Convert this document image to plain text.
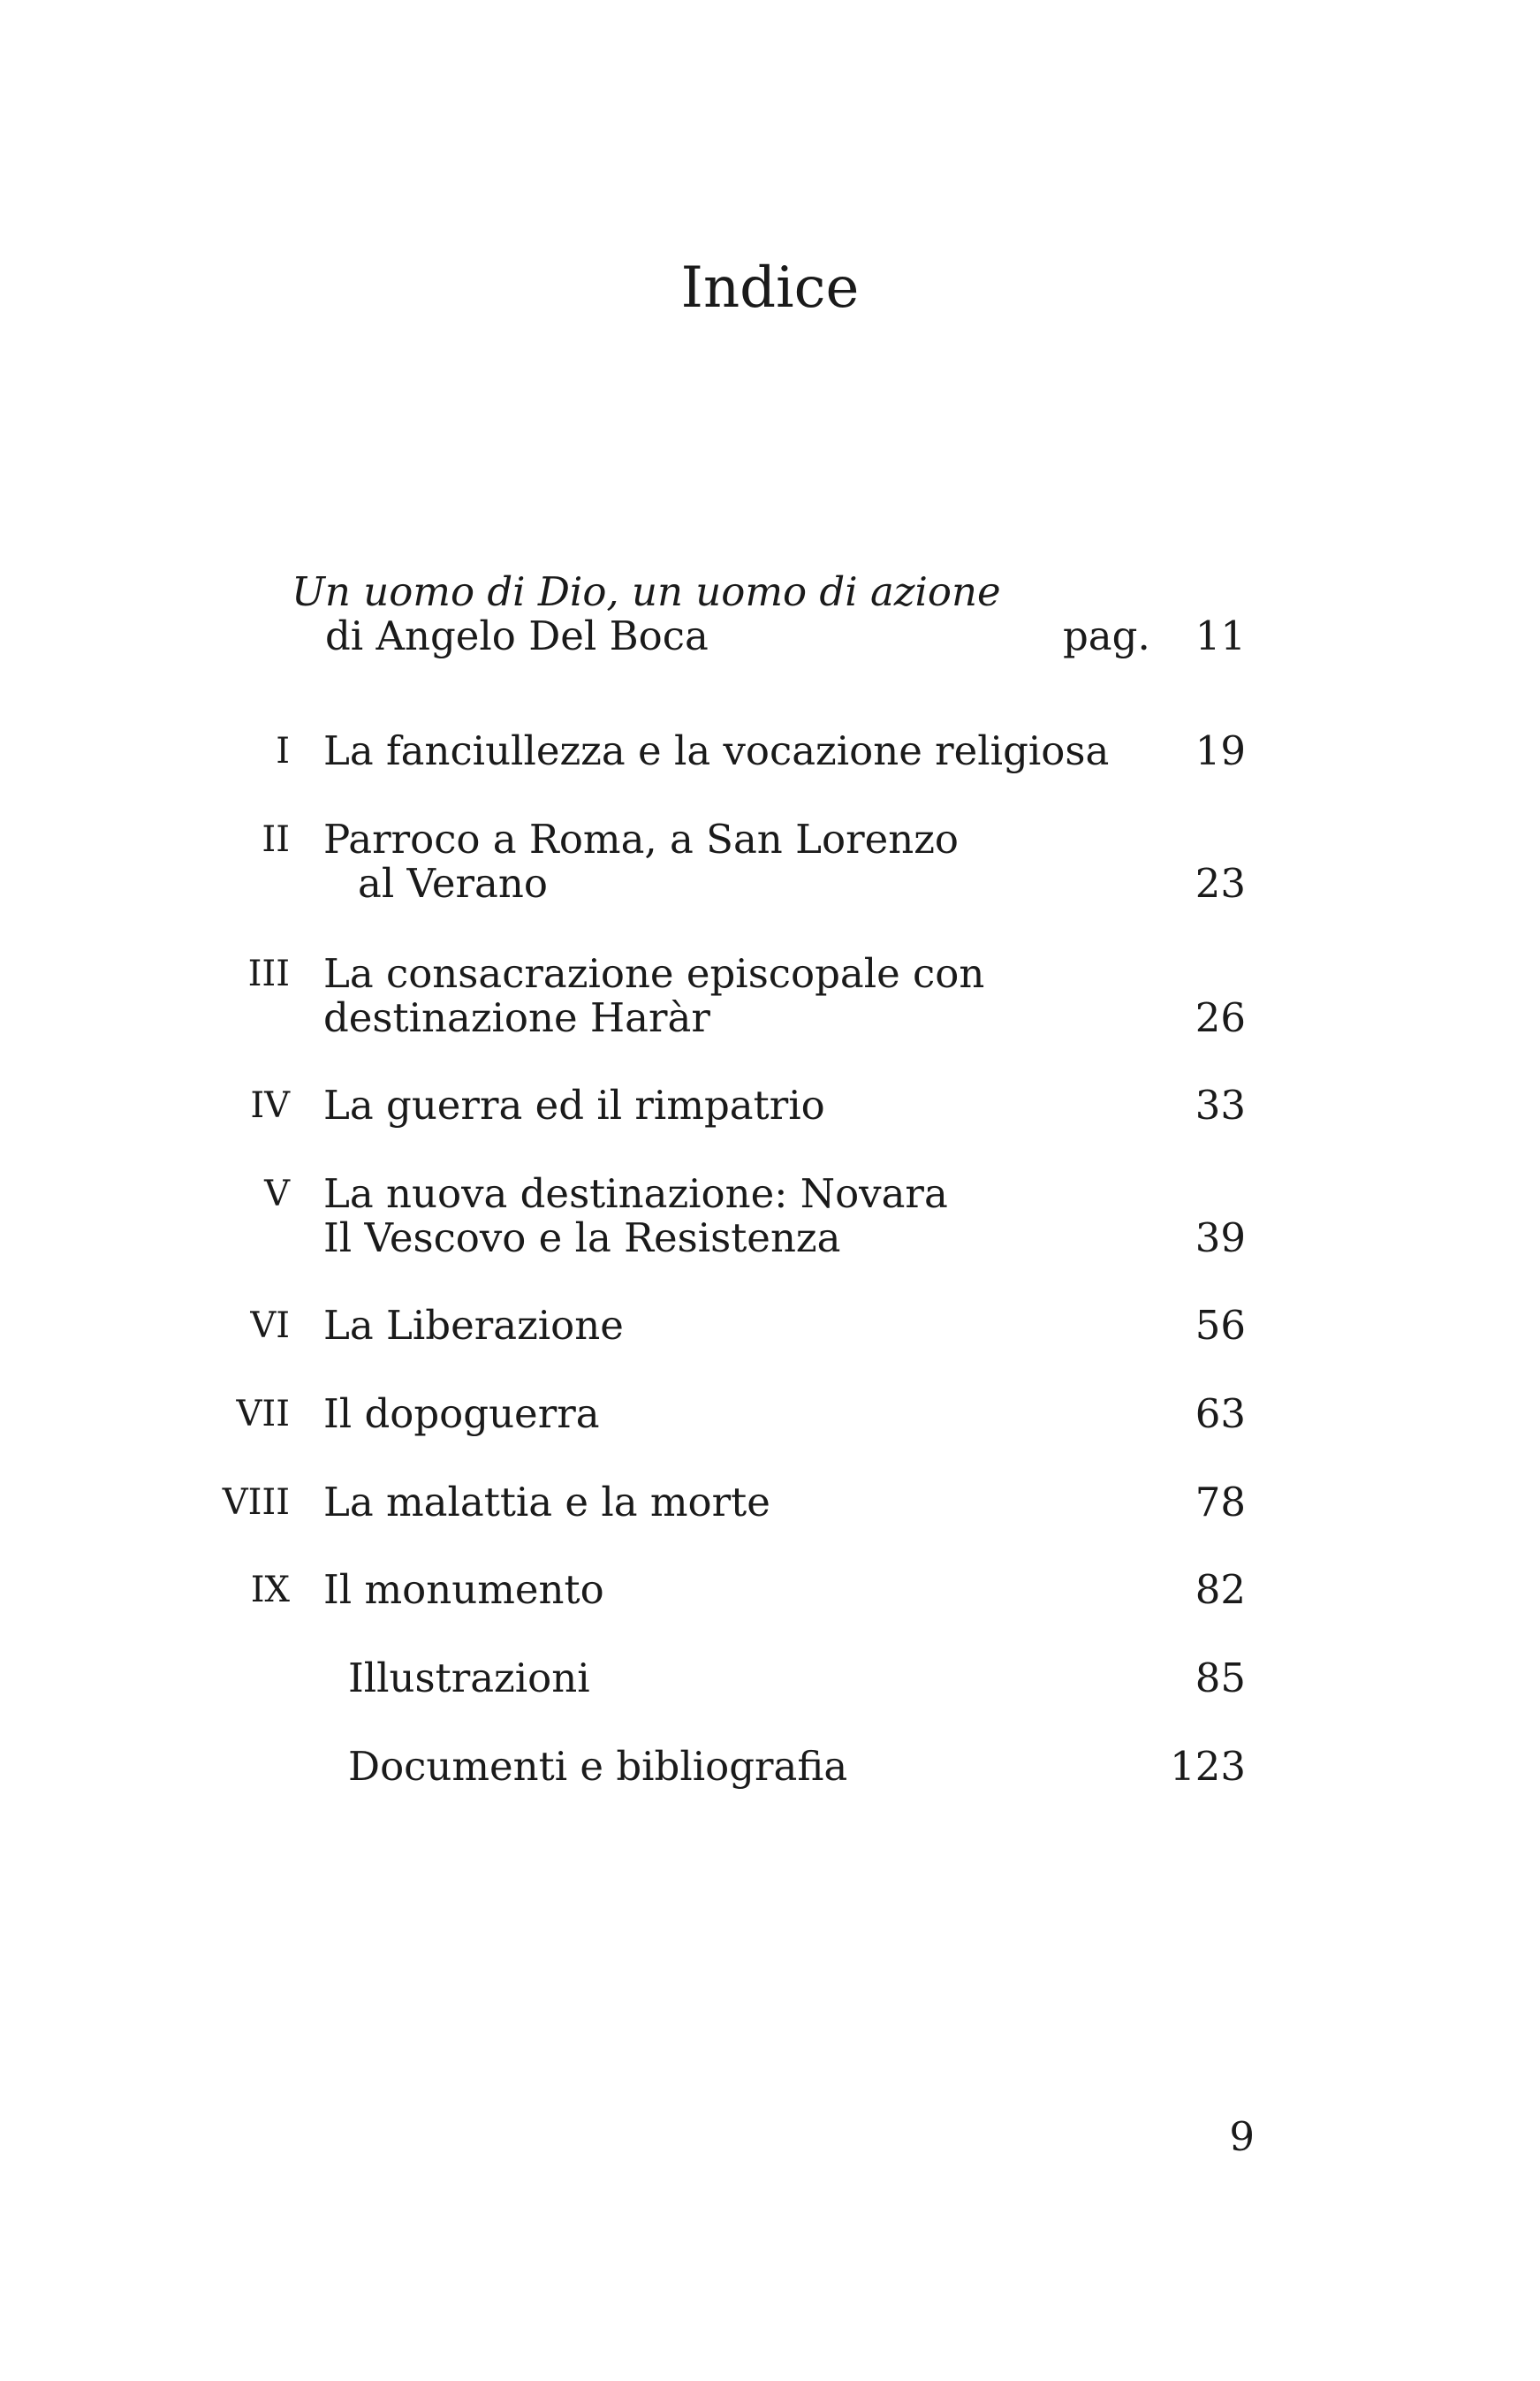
Indice
Un uomo di Dio, un uomo di azione
di Angelo Del Boca	pag.	11
I La fanciullezza e la vocazione religiosa	19
II Parroco a Roma, a San Lorenzo
al Verano	23
III La consacrazione episcopale con
destinazione Haràr	26
IV La guerra ed il rimpatrio	33
V La nuova destinazione: Novara
Il Vescovo e la Resistenza	39
VI La Liberazione	56
VII Il dopoguerra	63
VIII La malattia e la morte	78
IX Il monumento	82
Illustrazioni	85
Documenti e bibliografia	123
9
